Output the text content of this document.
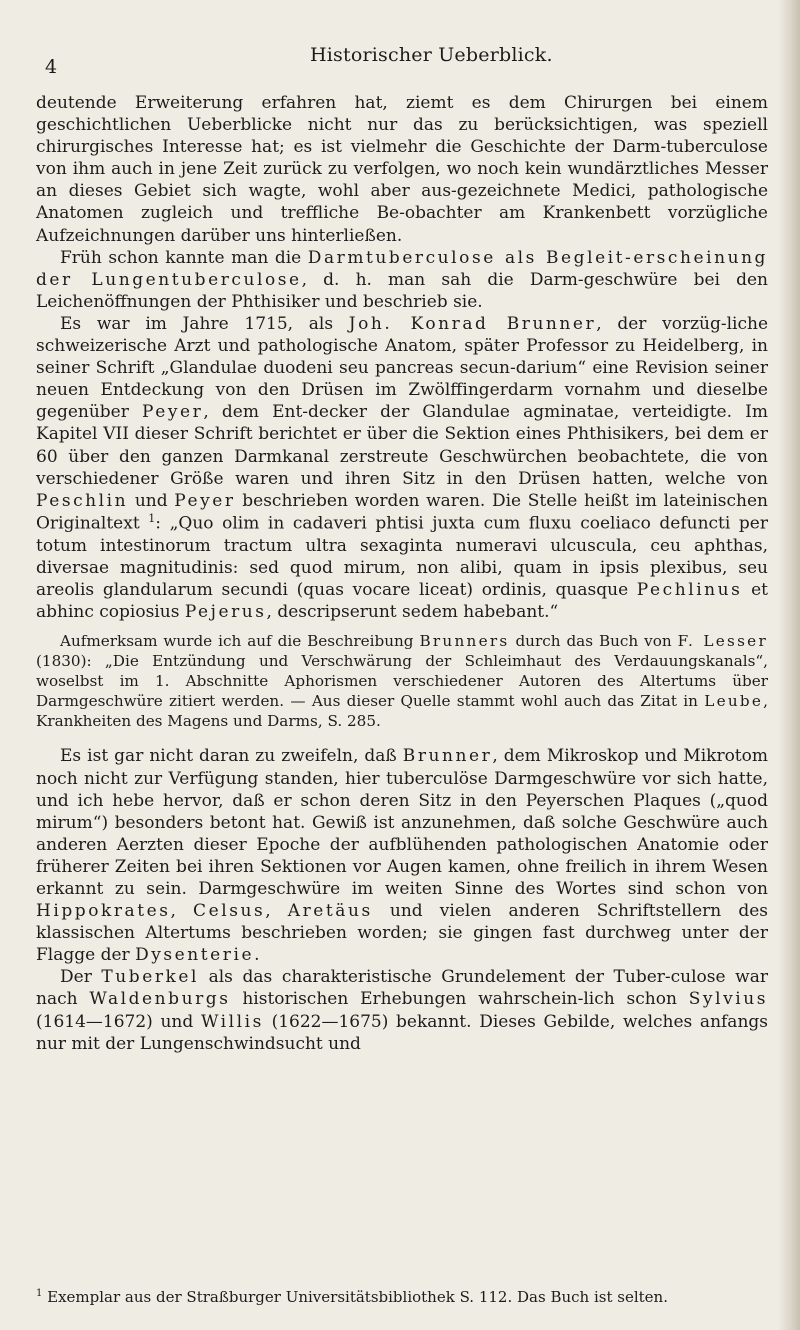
4
Historischer Ueberblick.

deutende Erweiterung erfahren hat, ziemt es dem Chirurgen bei einem geschichtlichen Ueberblicke nicht nur das zu berücksichtigen, was speziell chirurgisches Interesse hat; es ist vielmehr die Geschichte der Darm-tuberculose von ihm auch in jene Zeit zurück zu verfolgen, wo noch kein wundärztliches Messer an dieses Gebiet sich wagte, wohl aber aus-gezeichnete Medici, pathologische Anatomen zugleich und treffliche Be-obachter am Krankenbett vorzügliche Aufzeichnungen darüber uns hinterließen.

Früh schon kannte man die Darmtuberculose als Begleit-erscheinung der Lungentuberculose, d. h. man sah die Darm-geschwüre bei den Leichenöffnungen der Phthisiker und beschrieb sie.

Es war im Jahre 1715, als Joh. Konrad Brunner, der vorzüg-liche schweizerische Arzt und pathologische Anatom, später Professor zu Heidelberg, in seiner Schrift „Glandulae duodeni seu pancreas secun-darium“ eine Revision seiner neuen Entdeckung von den Drüsen im Zwölffingerdarm vornahm und dieselbe gegenüber Peyer, dem Ent-decker der Glandulae agminatae, verteidigte. Im Kapitel VII dieser Schrift berichtet er über die Sektion eines Phthisikers, bei dem er 60 über den ganzen Darmkanal zerstreute Geschwürchen beobachtete, die von verschiedener Größe waren und ihren Sitz in den Drüsen hatten, welche von Peschlin und Peyer beschrieben worden waren. Die Stelle heißt im lateinischen Originaltext $^1$: „Quo olim in cadaveri phtisi juxta cum fluxu coeliaco defuncti per totum intestinorum tractum ultra sexaginta numeravi ulcuscula, ceu aphthas, diversae magnitudinis: sed quod mirum, non alibi, quam in ipsis plexibus, seu areolis glandularum secundi (quas vocare liceat) ordinis, quasque Pechlinus et abhinc copiosius Pejerus, descripserunt sedem habebant.“

Aufmerksam wurde ich auf die Beschreibung Brunners durch das Buch von F. Lesser (1830): „Die Entzündung und Verschwärung der Schleimhaut des Verdauungskanals“, woselbst im 1. Abschnitte Aphorismen verschiedener Autoren des Altertums über Darmgeschwüre zitiert werden. — Aus dieser Quelle stammt wohl auch das Zitat in Leube, Krankheiten des Magens und Darms, S. 285.

Es ist gar nicht daran zu zweifeln, daß Brunner, dem Mikroskop und Mikrotom noch nicht zur Verfügung standen, hier tuberculöse Darmgeschwüre vor sich hatte, und ich hebe hervor, daß er schon deren Sitz in den Peyerschen Plaques („quod mirum“) besonders betont hat. Gewiß ist anzunehmen, daß solche Geschwüre auch anderen Aerzten dieser Epoche der aufblühenden pathologischen Anatomie oder früherer Zeiten bei ihren Sektionen vor Augen kamen, ohne freilich in ihrem Wesen erkannt zu sein. Darmgeschwüre im weiten Sinne des Wortes sind schon von Hippokrates, Celsus, Aretäus und vielen anderen Schriftstellern des klassischen Altertums beschrieben worden; sie gingen fast durchweg unter der Flagge der Dysenterie.

Der Tuberkel als das charakteristische Grundelement der Tuber-culose war nach Waldenburgs historischen Erhebungen wahrschein-lich schon Sylvius (1614—1672) und Willis (1622—1675) bekannt. Dieses Gebilde, welches anfangs nur mit der Lungenschwindsucht und

$^1$ Exemplar aus der Straßburger Universitätsbibliothek S. 112. Das Buch ist selten.
